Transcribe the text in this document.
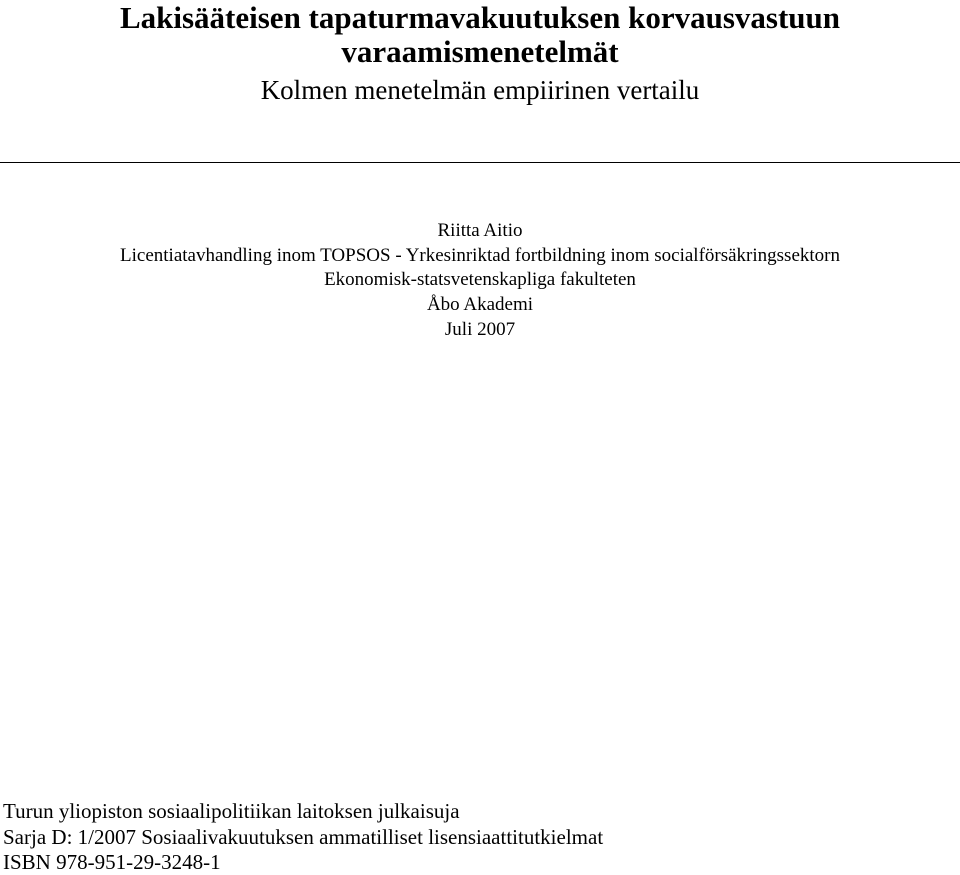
Lakisääteisen tapaturmavakuutuksen korvausvastuun
varaamismenetelmät
Kolmen menetelmän empiirinen vertailu
Riitta Aitio
Licentiatavhandling inom TOPSOS - Yrkesinriktad fortbildning inom socialförsäkringssektorn
Ekonomisk-statsvetenskapliga fakulteten
Åbo Akademi
Juli 2007
Turun yliopiston sosiaalipolitiikan laitoksen julkaisuja
Sarja D: 1/2007 Sosiaalivakuutuksen ammatilliset lisensiaattitutkielmat
ISBN 978-951-29-3248-1
